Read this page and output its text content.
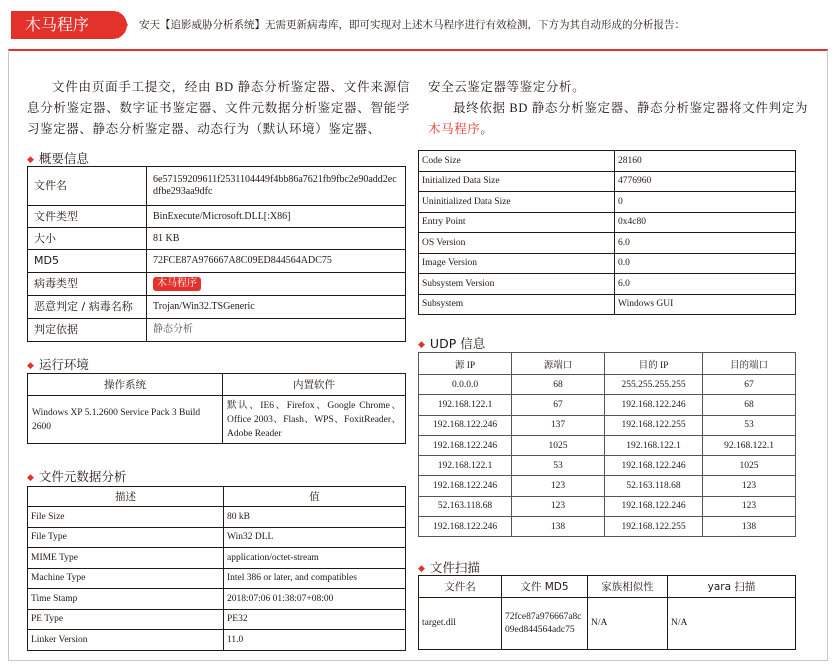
木马程序	安天【追影威胁分析系统】无需更新病毒库，即可实现对上述木马程序进行有效检测，下方为其自动形成的分析报告：
文件由页面手工提交，经由 BD 静态分析鉴定器、文件来源信息分析鉴定器、数字证书鉴定器、文件元数据分析鉴定器、智能学习鉴定器、静态分析鉴定器、动态行为（默认环境）鉴定器、
安全云鉴定器等鉴定分析。
最终依据 BD 静态分析鉴定器、静态分析鉴定器将文件判定为木马程序。
◆ 概要信息
文件名	6e57159209611f2531104449f4bb86a7621fb9fbc2e90add2ecdfbe293aa9dfc
文件类型	BinExecute/Microsoft.DLL[:X86]
大小	81 KB
MD5	72FCE87A976667A8C09ED844564ADC75
病毒类型	木马程序
恶意判定 / 病毒名称	Trojan/Win32.TSGeneric
判定依据	静态分析
◆ 运行环境
操作系统	内置软件
Windows XP 5.1.2600 Service Pack 3 Build 2600	默认、IE6、Firefox、Google Chrome、Office 2003、Flash、WPS、FoxitReader、Adobe Reader
◆ 文件元数据分析
描述	值
File Size	80 kB
File Type	Win32 DLL
MIME Type	application/octet-stream
Machine Type	Intel 386 or later, and compatibles
Time Stamp	2018:07:06 01:38:07+08:00
PE Type	PE32
Linker Version	11.0
Code Size	28160
Initialized Data Size	4776960
Uninitialized Data Size	0
Entry Point	0x4c80
OS Version	6.0
Image Version	0.0
Subsystem Version	6.0
Subsystem	Windows GUI
◆ UDP 信息
源 IP	源端口	目的 IP	目的端口
0.0.0.0	68	255.255.255.255	67
192.168.122.1	67	192.168.122.246	68
192.168.122.246	137	192.168.122.255	53
192.168.122.246	1025	192.168.122.1	92.168.122.1
192.168.122.1	53	192.168.122.246	1025
192.168.122.246	123	52.163.118.68	123
52.163.118.68	123	192.168.122.246	123
192.168.122.246	138	192.168.122.255	138
◆ 文件扫描
文件名	文件 MD5	家族相似性	yara 扫描
target.dll	72fce87a976667a8c09ed844564adc75	N/A	N/A
